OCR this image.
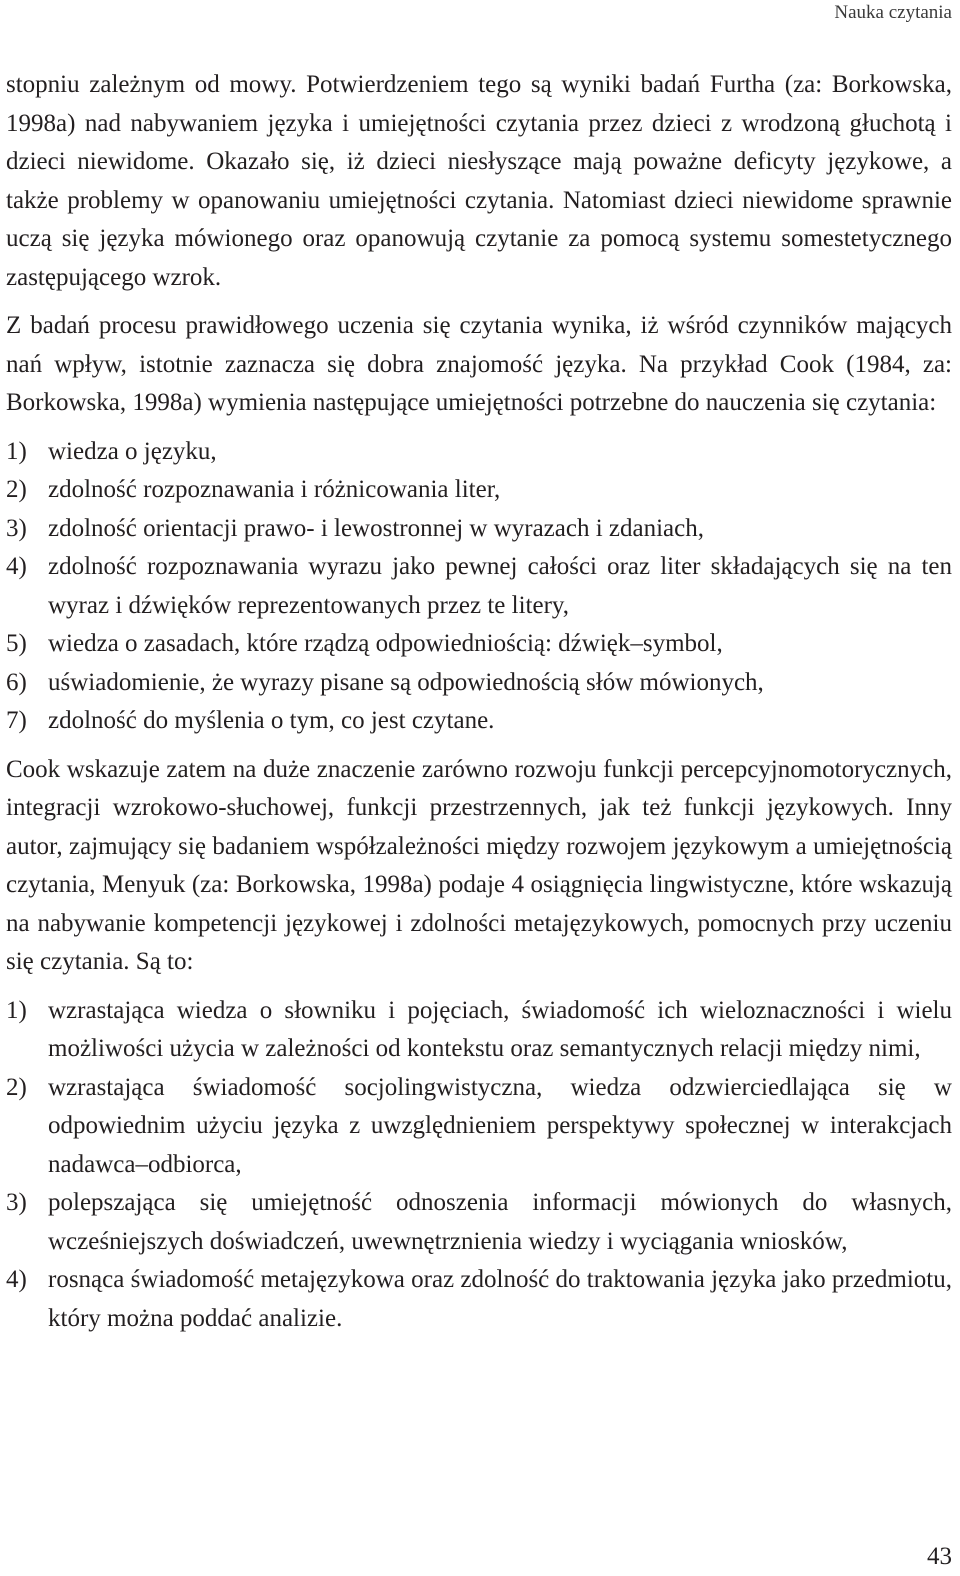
Nauka czytania

stopniu zależnym od mowy. Potwierdzeniem tego są wyniki badań Furtha (za: Borkowska, 1998a) nad nabywaniem języka i umiejętności czytania przez dzieci z wrodzoną głuchotą i dzieci niewidome. Okazało się, iż dzieci niesłyszące mają poważne deficyty językowe, a także problemy w opanowaniu umiejętności czytania. Natomiast dzieci niewidome sprawnie uczą się języka mówionego oraz opanowują czytanie za pomocą systemu somestetycznego zastępującego wzrok.

Z badań procesu prawidłowego uczenia się czytania wynika, iż wśród czynników mających nań wpływ, istotnie zaznacza się dobra znajomość języka. Na przykład Cook (1984, za: Borkowska, 1998a) wymienia następujące umiejętności potrzebne do nauczenia się czytania:

1) wiedza o języku,
2) zdolność rozpoznawania i różnicowania liter,
3) zdolność orientacji prawo- i lewostronnej w wyrazach i zdaniach,
4) zdolność rozpoznawania wyrazu jako pewnej całości oraz liter składających się na ten wyraz i dźwięków reprezentowanych przez te litery,
5) wiedza o zasadach, które rządzą odpowiedniością: dźwięk–symbol,
6) uświadomienie, że wyrazy pisane są odpowiednością słów mówionych,
7) zdolność do myślenia o tym, co jest czytane.

Cook wskazuje zatem na duże znaczenie zarówno rozwoju funkcji percepcyjnomotorycznych, integracji wzrokowo-słuchowej, funkcji przestrzennych, jak też funkcji językowych. Inny autor, zajmujący się badaniem współzależności między rozwojem językowym a umiejętnością czytania, Menyuk (za: Borkowska, 1998a) podaje 4 osiągnięcia lingwistyczne, które wskazują na nabywanie kompetencji językowej i zdolności metajęzykowych, pomocnych przy uczeniu się czytania. Są to:

1) wzrastająca wiedza o słowniku i pojęciach, świadomość ich wieloznaczności i wielu możliwości użycia w zależności od kontekstu oraz semantycznych relacji między nimi,
2) wzrastająca świadomość socjolingwistyczna, wiedza odzwierciedlająca się w odpowiednim użyciu języka z uwzględnieniem perspektywy społecznej w interakcjach nadawca–odbiorca,
3) polepszająca się umiejętność odnoszenia informacji mówionych do własnych, wcześniejszych doświadczeń, uwewnętrznienia wiedzy i wyciągania wniosków,
4) rosnąca świadomość metajęzykowa oraz zdolność do traktowania języka jako przedmiotu, który można poddać analizie.
43
